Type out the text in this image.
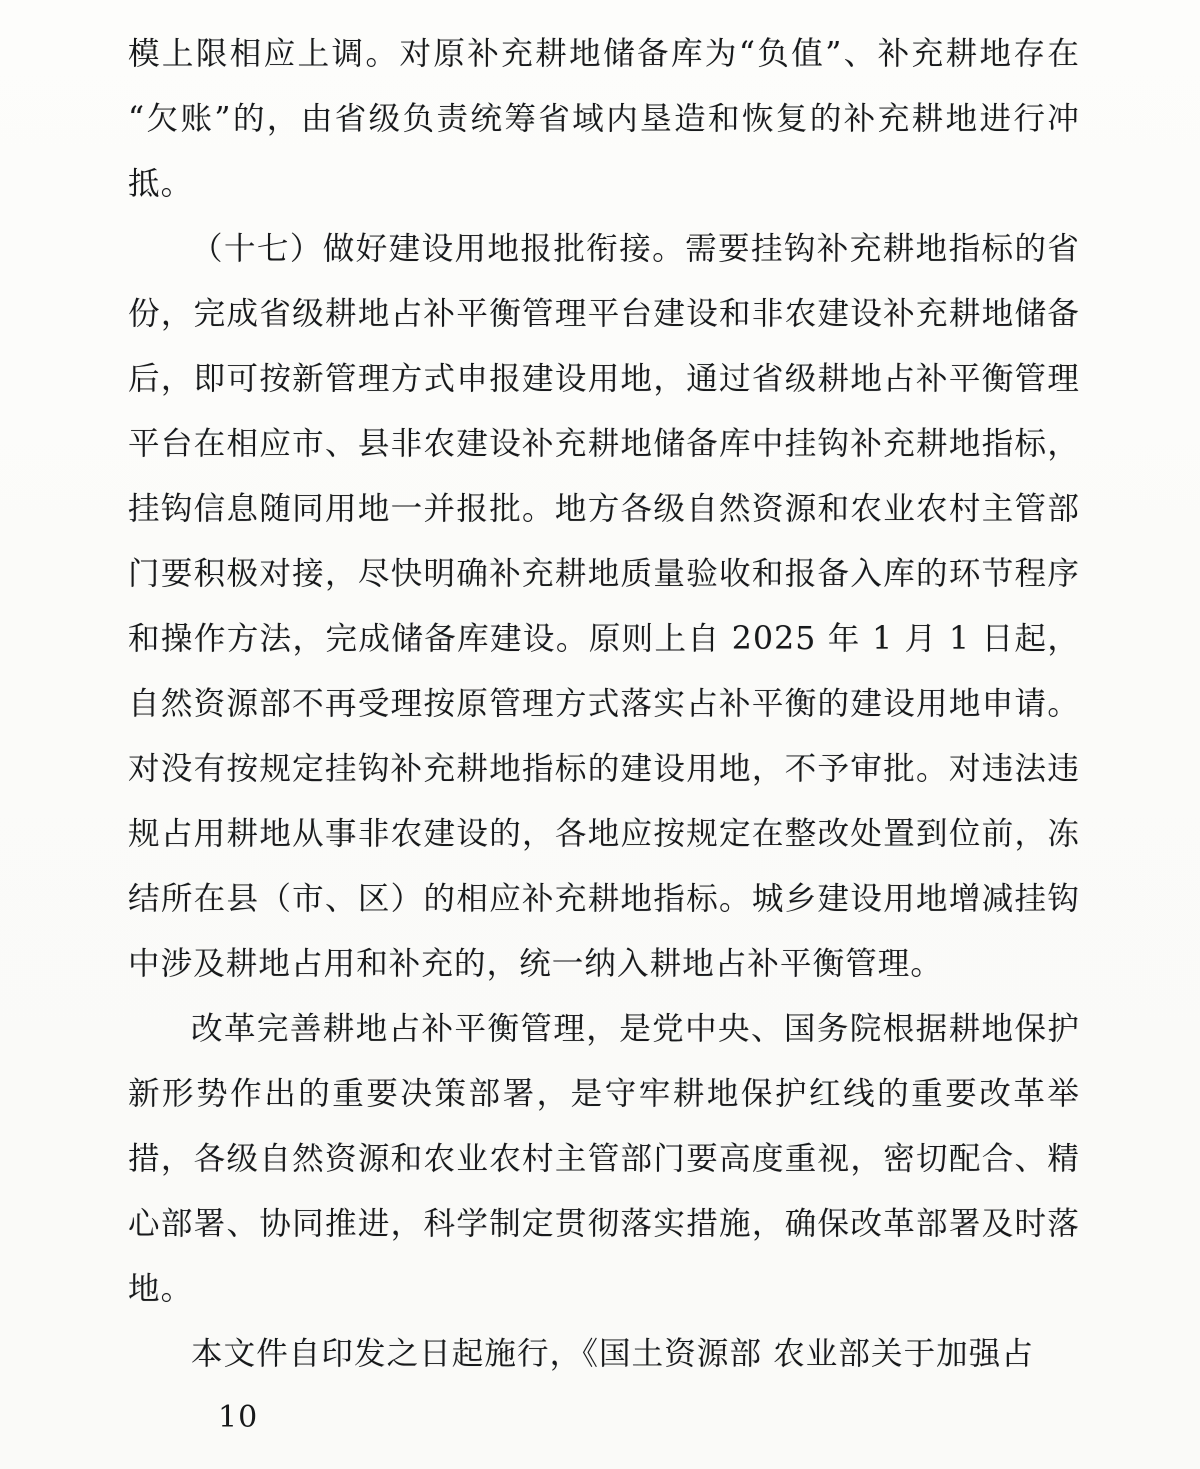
模上限相应上调。对原补充耕地储备库为“负值”、补充耕地存在“欠账”的，由省级负责统筹省域内垦造和恢复的补充耕地进行冲抵。

（十七）做好建设用地报批衔接。需要挂钩补充耕地指标的省份，完成省级耕地占补平衡管理平台建设和非农建设补充耕地储备后，即可按新管理方式申报建设用地，通过省级耕地占补平衡管理平台在相应市、县非农建设补充耕地储备库中挂钩补充耕地指标，挂钩信息随同用地一并报批。地方各级自然资源和农业农村主管部门要积极对接，尽快明确补充耕地质量验收和报备入库的环节程序和操作方法，完成储备库建设。原则上自 2025 年 1 月 1 日起，自然资源部不再受理按原管理方式落实占补平衡的建设用地申请。对没有按规定挂钩补充耕地指标的建设用地，不予审批。对违法违规占用耕地从事非农建设的，各地应按规定在整改处置到位前，冻结所在县（市、区）的相应补充耕地指标。城乡建设用地增减挂钩中涉及耕地占用和补充的，统一纳入耕地占补平衡管理。

改革完善耕地占补平衡管理，是党中央、国务院根据耕地保护新形势作出的重要决策部署，是守牢耕地保护红线的重要改革举措，各级自然资源和农业农村主管部门要高度重视，密切配合、精心部署、协同推进，科学制定贯彻落实措施，确保改革部署及时落地。

本文件自印发之日起施行，《国土资源部 农业部关于加强占

10
